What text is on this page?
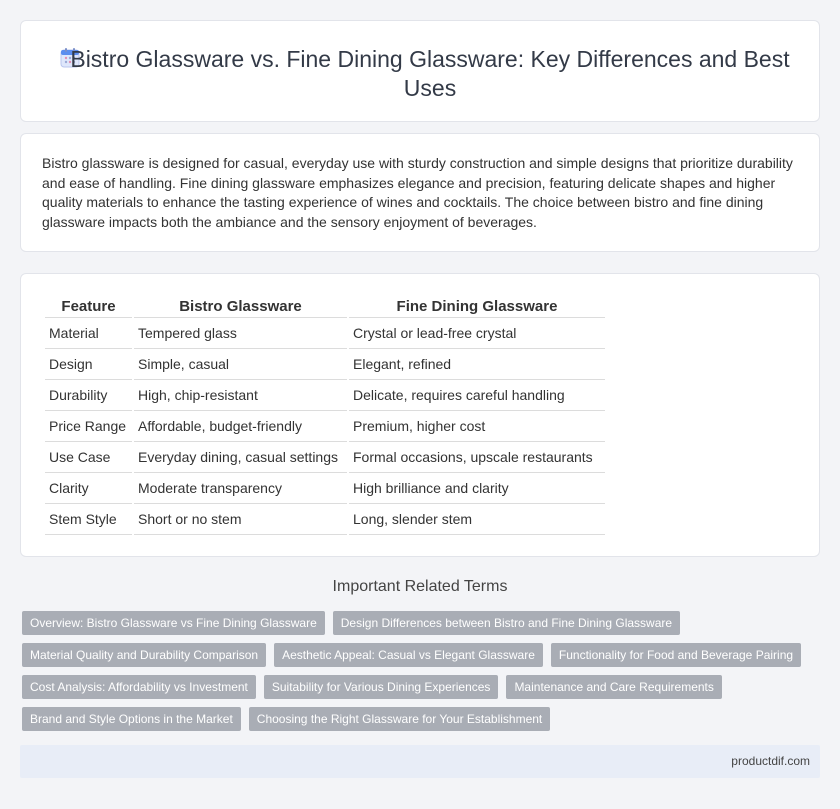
Bistro Glassware vs. Fine Dining Glassware: Key Differences and Best Uses

Bistro glassware is designed for casual, everyday use with sturdy construction and simple designs that prioritize durability and ease of handling. Fine dining glassware emphasizes elegance and precision, featuring delicate shapes and higher quality materials to enhance the tasting experience of wines and cocktails. The choice between bistro and fine dining glassware impacts both the ambiance and the sensory enjoyment of beverages.

Feature	Bistro Glassware	Fine Dining Glassware
Material	Tempered glass	Crystal or lead-free crystal
Design	Simple, casual	Elegant, refined
Durability	High, chip-resistant	Delicate, requires careful handling
Price Range	Affordable, budget-friendly	Premium, higher cost
Use Case	Everyday dining, casual settings	Formal occasions, upscale restaurants
Clarity	Moderate transparency	High brilliance and clarity
Stem Style	Short or no stem	Long, slender stem
Important Related Terms
Overview: Bistro Glassware vs Fine Dining Glassware	Design Differences between Bistro and Fine Dining Glassware
Material Quality and Durability Comparison	Aesthetic Appeal: Casual vs Elegant Glassware	Functionality for Food and Beverage Pairing
Cost Analysis: Affordability vs Investment	Suitability for Various Dining Experiences	Maintenance and Care Requirements
Brand and Style Options in the Market	Choosing the Right Glassware for Your Establishment
productdif.com
